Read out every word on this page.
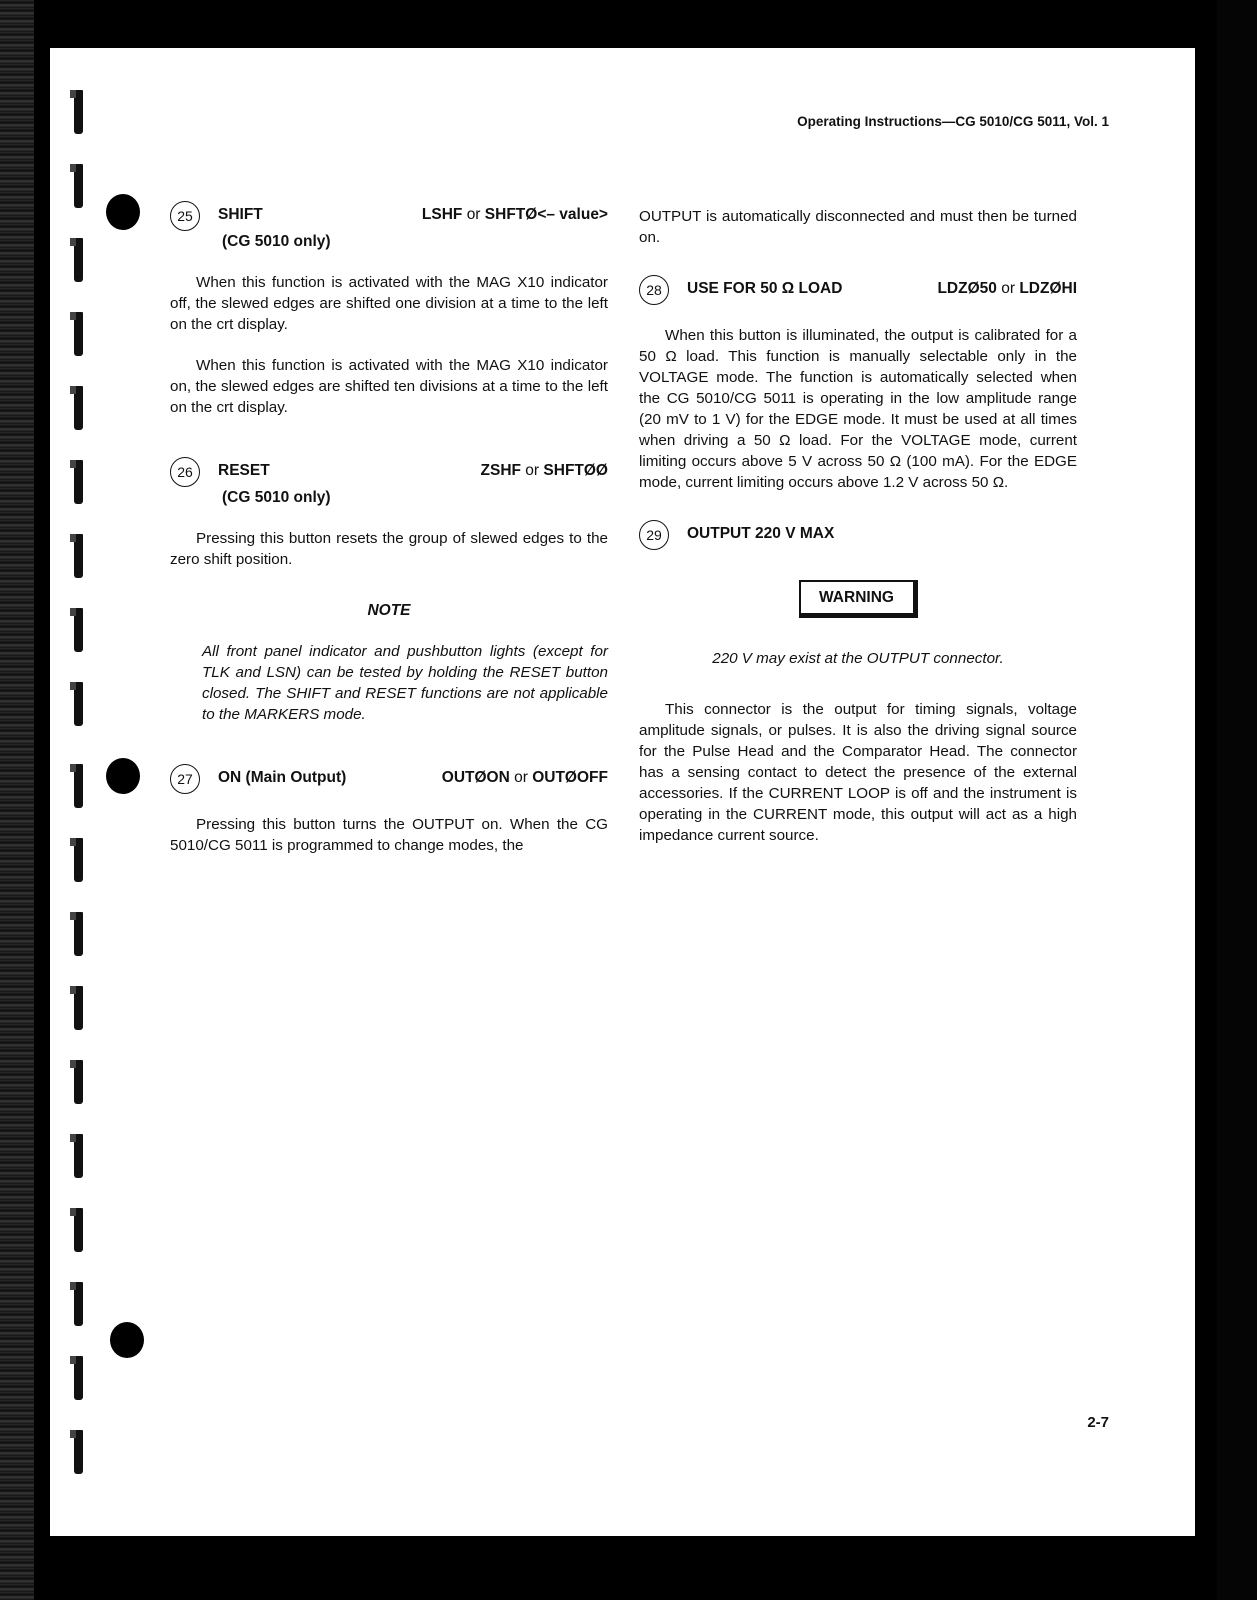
Operating Instructions—CG 5010/CG 5011, Vol. 1
25	SHIFT	LSHF or SHFTØ<– value>
(CG 5010 only)

When this function is activated with the MAG X10 indicator off, the slewed edges are shifted one division at a time to the left on the crt display.

When this function is activated with the MAG X10 indicator on, the slewed edges are shifted ten divisions at a time to the left on the crt display.

26	RESET	ZSHF or SHFTØØ
(CG 5010 only)

Pressing this button resets the group of slewed edges to the zero shift position.

NOTE
All front panel indicator and pushbutton lights (except for TLK and LSN) can be tested by holding the RESET button closed. The SHIFT and RESET functions are not applicable to the MARKERS mode.
27	ON (Main Output)	OUTØON or OUTØOFF

Pressing this button turns the OUTPUT on. When the CG 5010/CG 5011 is programmed to change modes, the

OUTPUT is automatically disconnected and must then be turned on.

28	USE FOR 50 Ω LOAD	LDZØ50 or LDZØHI

When this button is illuminated, the output is calibrated for a 50 Ω load. This function is manually selectable only in the VOLTAGE mode. The function is automatically selected when the CG 5010/CG 5011 is operating in the low amplitude range (20 mV to 1 V) for the EDGE mode. It must be used at all times when driving a 50 Ω load. For the VOLTAGE mode, current limiting occurs above 5 V across 50 Ω (100 mA). For the EDGE mode, current limiting occurs above 1.2 V across 50 Ω.

29	OUTPUT 220 V MAX
WARNING
220 V may exist at the OUTPUT connector.

This connector is the output for timing signals, voltage amplitude signals, or pulses. It is also the driving signal source for the Pulse Head and the Comparator Head. The connector has a sensing contact to detect the presence of the external accessories. If the CURRENT LOOP is off and the instrument is operating in the CURRENT mode, this output will act as a high impedance current source.

2-7
